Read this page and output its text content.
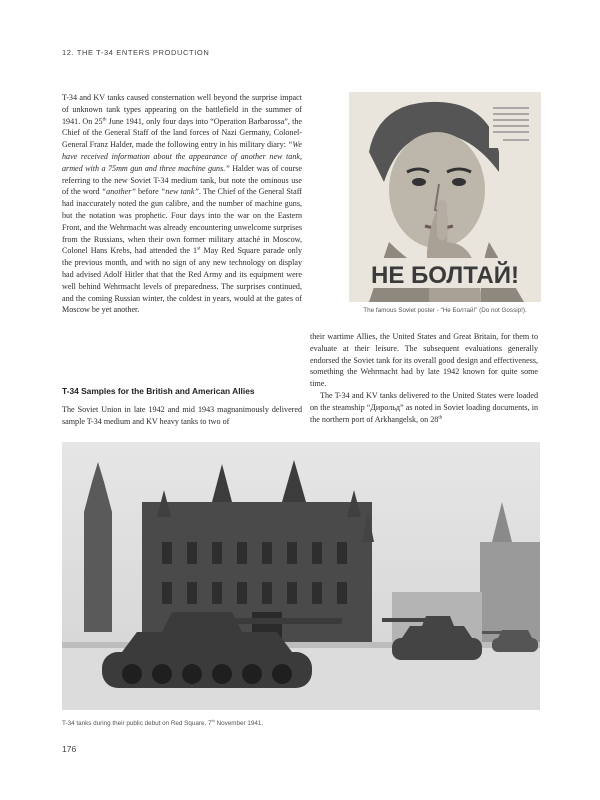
12. THE T-34 ENTERS PRODUCTION

T-34 and KV tanks caused consternation well beyond the surprise impact of unknown tank types appearing on the battlefield in the summer of 1941. On 25th June 1941, only four days into “Operation Barbarossa”, the Chief of the General Staff of the land forces of Nazi Germany, Colonel-General Franz Halder, made the following entry in his military diary: “We have received information about the appearance of another new tank, armed with a 75mm gun and three machine guns.” Halder was of course referring to the new Soviet T-34 medium tank, but note the ominous use of the word “another” before “new tank”. The Chief of the General Staff had inaccurately noted the gun calibre, and the number of machine guns, but the notation was prophetic. Four days into the war on the Eastern Front, and the Wehrmacht was already encountering unwelcome surprises from the Russians, when their own former military attaché in Moscow, Colonel Hans Krebs, had attended the 1st May Red Square parade only the previous month, and with no sign of any new technology on display had advised Adolf Hitler that that the Red Army and its equipment were well behind Wehrmacht levels of preparedness. The surprises continued, and the coming Russian winter, the coldest in years, would at the gates of Moscow be yet another.

T-34 Samples for the British and American Allies

The Soviet Union in late 1942 and mid 1943 magnanimously delivered sample T-34 medium and KV heavy tanks to two of

НЕ БОЛТАЙ!
The famous Soviet poster - “Не Болтай!” (Do not Gossip!).

their wartime Allies, the United States and Great Britain, for them to evaluate at their leisure. The subsequent evaluations generally endorsed the Soviet tank for its overall good design and effectiveness, something the Wehrmacht had by late 1942 known for quite some time.

The T-34 and KV tanks delivered to the United States were loaded on the steamship “Дирольд” as noted in Soviet loading documents, in the northern port of Arkhangelsk, on 28th

T-34 tanks during their public debut on Red Square, 7th November 1941.
176
